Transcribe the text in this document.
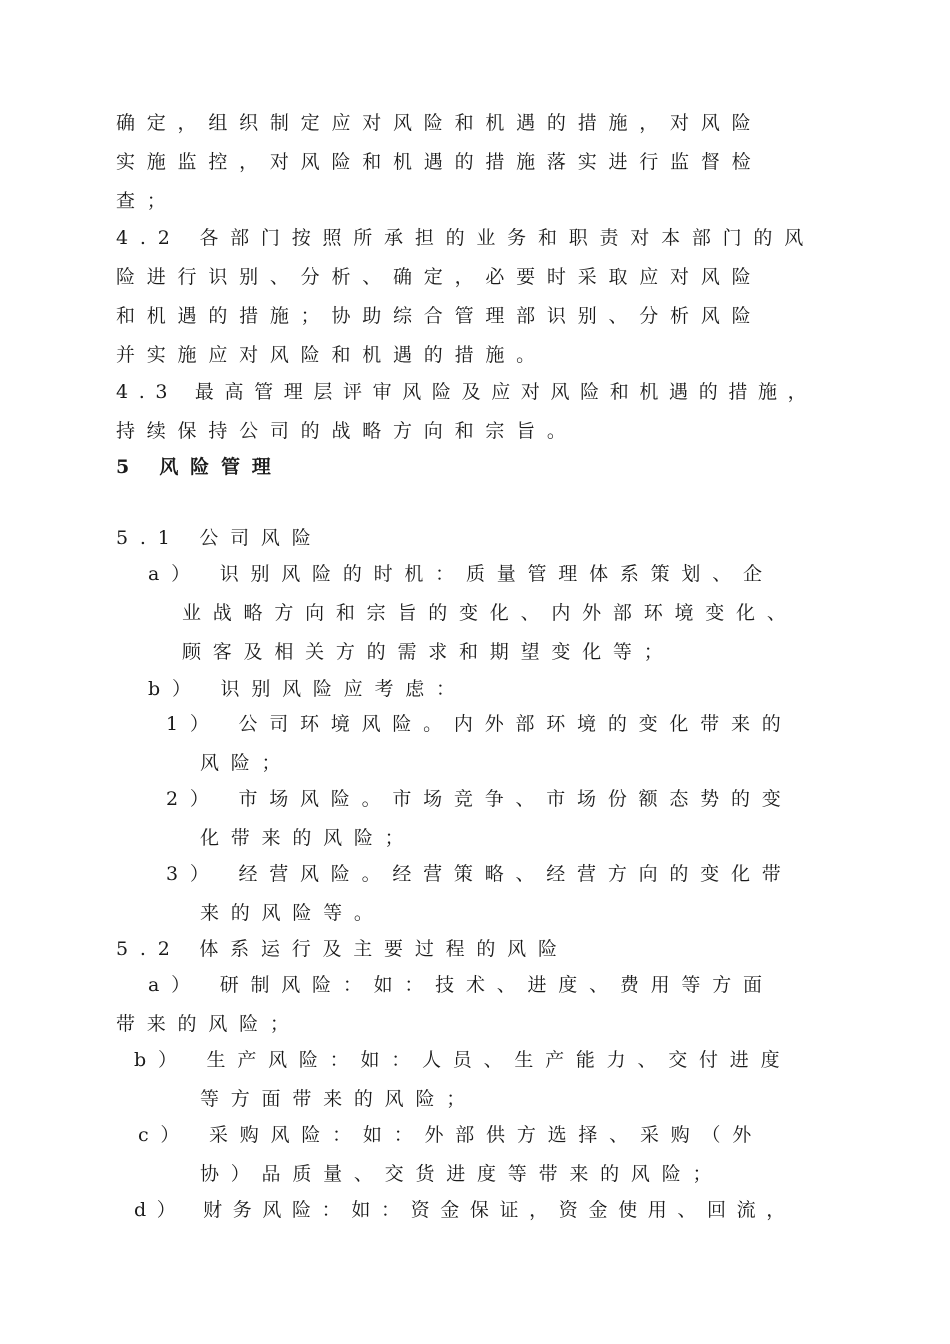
确定，组织制定应对风险和机遇的措施，对风险
实施监控，对风险和机遇的措施落实进行监督检
查；
4.2 各部门按照所承担的业务和职责对本部门的风
险进行识别、分析、确定，必要时采取应对风险
和机遇的措施；协助综合管理部识别、分析风险
并实施应对风险和机遇的措施。
4.3 最高管理层评审风险及应对风险和机遇的措施，
持续保持公司的战略方向和宗旨。
5 风险管理
5.1 公司风险
a） 识别风险的时机：质量管理体系策划、企
业战略方向和宗旨的变化、内外部环境变化、
顾客及相关方的需求和期望变化等；
b） 识别风险应考虑：
1） 公司环境风险。内外部环境的变化带来的
风险；
2） 市场风险。市场竞争、市场份额态势的变
化带来的风险；
3） 经营风险。经营策略、经营方向的变化带
来的风险等。
5.2 体系运行及主要过程的风险
a） 研制风险：如：技术、进度、费用等方面
带来的风险；
b） 生产风险：如：人员、生产能力、交付进度
等方面带来的风险；
c） 采购风险：如：外部供方选择、采购（外
协）品质量、交货进度等带来的风险；
d） 财务风险：如：资金保证，资金使用、回流，
